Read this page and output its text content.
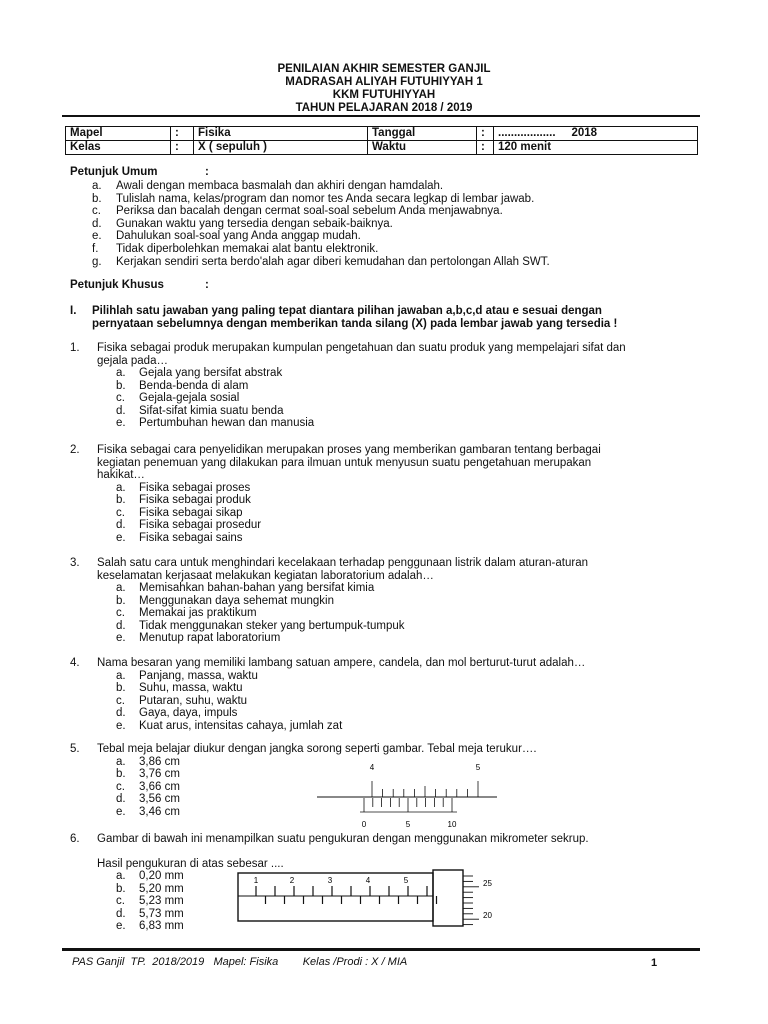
PENILAIAN AKHIR SEMESTER GANJIL
MADRASAH ALIYAH FUTUHIYYAH 1
KKM FUTUHIYYAH
TAHUN PELAJARAN 2018 / 2019
Mapel	:	Fisika	Tanggal	:	..................     2018
Kelas	:	X ( sepuluh )	Waktu	:	120 menit
Petunjuk Umum	:
a. Awali dengan membaca basmalah dan akhiri dengan hamdalah.
b. Tulislah nama, kelas/program dan nomor tes Anda secara legkap di lembar jawab.
c. Periksa dan bacalah dengan cermat soal-soal sebelum Anda menjawabnya.
d. Gunakan waktu yang tersedia dengan sebaik-baiknya.
e. Dahulukan soal-soal yang Anda anggap mudah.
f. Tidak diperbolehkan memakai alat bantu elektronik.
g. Kerjakan sendiri serta berdo'alah agar diberi kemudahan dan pertolongan Allah SWT.
Petunjuk Khusus	:
I. Pilihlah satu jawaban yang paling tepat diantara pilihan jawaban a,b,c,d atau e sesuai dengan
pernyataan sebelumnya dengan memberikan tanda silang (X) pada lembar jawab yang tersedia !
1. Fisika sebagai produk merupakan kumpulan pengetahuan dan suatu produk yang mempelajari sifat dan
gejala pada…
a. Gejala yang bersifat abstrak
b. Benda-benda di alam
c. Gejala-gejala sosial
d. Sifat-sifat kimia suatu benda
e. Pertumbuhan hewan dan manusia
2. Fisika sebagai cara penyelidikan merupakan proses yang memberikan gambaran tentang berbagai
kegiatan penemuan yang dilakukan para ilmuan untuk menyusun suatu pengetahuan merupakan
hakikat…
a. Fisika sebagai proses
b. Fisika sebagai produk
c. Fisika sebagai sikap
d. Fisika sebagai prosedur
e. Fisika sebagai sains
3. Salah satu cara untuk menghindari kecelakaan terhadap penggunaan listrik dalam aturan-aturan
keselamatan kerjasaat melakukan kegiatan laboratorium adalah…
a. Memisahkan bahan-bahan yang bersifat kimia
b. Menggunakan daya sehemat mungkin
c. Memakai jas praktikum
d. Tidak menggunakan steker yang bertumpuk-tumpuk
e. Menutup rapat laboratorium
4. Nama besaran yang memiliki lambang satuan ampere, candela, dan mol berturut-turut adalah…
a. Panjang, massa, waktu
b. Suhu, massa, waktu
c. Putaran, suhu, waktu
d. Gaya, daya, impuls
e. Kuat arus, intensitas cahaya, jumlah zat
5. Tebal meja belajar diukur dengan jangka sorong seperti gambar. Tebal meja terukur….
a. 3,86 cm
b. 3,76 cm
c. 3,66 cm
d. 3,56 cm
e. 3,46 cm
6. Gambar di bawah ini menampilkan suatu pengukuran dengan menggunakan mikrometer sekrup.
Hasil pengukuran di atas sebesar ....
a. 0,20 mm
b. 5,20 mm
c. 5,23 mm
d. 5,73 mm
e. 6,83 mm
4	5
0	5	10
1	2	3	4	5	25
20
PAS Ganjil  TP.  2018/2019   Mapel: Fisika        Kelas /Prodi : X / MIA	1
